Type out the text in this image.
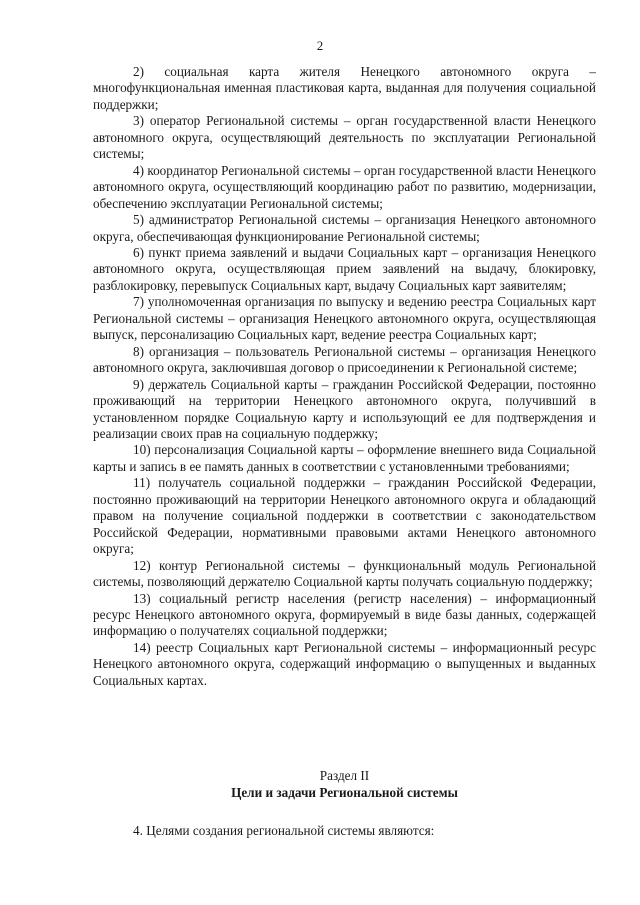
2

2) социальная карта жителя Ненецкого автономного округа – многофункциональная именная пластиковая карта, выданная для получения социальной поддержки;

3) оператор Региональной системы – орган государственной власти Ненецкого автономного округа, осуществляющий деятельность по эксплуатации Региональной системы;

4) координатор Региональной системы – орган государственной власти Ненецкого автономного округа, осуществляющий координацию работ по развитию, модернизации, обеспечению эксплуатации Региональной системы;

5) администратор Региональной системы – организация Ненецкого автономного округа, обеспечивающая функционирование Региональной системы;

6) пункт приема заявлений и выдачи Социальных карт – организация Ненецкого автономного округа, осуществляющая прием заявлений на выдачу, блокировку, разблокировку, перевыпуск Социальных карт, выдачу Социальных карт заявителям;

7) уполномоченная организация по выпуску и ведению реестра Социальных карт Региональной системы – организация Ненецкого автономного округа, осуществляющая выпуск, персонализацию Социальных карт, ведение реестра Социальных карт;

8) организация – пользователь Региональной системы – организация Ненецкого автономного округа, заключившая договор о присоединении к Региональной системе;

9) держатель Социальной карты – гражданин Российской Федерации, постоянно проживающий на территории Ненецкого автономного округа, получивший в установленном порядке Социальную карту и использующий ее для подтверждения и реализации своих прав на социальную поддержку;

10) персонализация Социальной карты – оформление внешнего вида Социальной карты и запись в ее память данных в соответствии с установленными требованиями;

11) получатель социальной поддержки – гражданин Российской Федерации, постоянно проживающий на территории Ненецкого автономного округа и обладающий правом на получение социальной поддержки в соответствии с законодательством Российской Федерации, нормативными правовыми актами Ненецкого автономного округа;

12) контур Региональной системы – функциональный модуль Региональной системы, позволяющий держателю Социальной карты получать социальную поддержку;

13) социальный регистр населения (регистр населения) – информационный ресурс Ненецкого автономного округа, формируемый в виде базы данных, содержащей информацию о получателях социальной поддержки;

14) реестр Социальных карт Региональной системы – информационный ресурс Ненецкого автономного округа, содержащий информацию о выпущенных и выданных Социальных картах.

Раздел II

Цели и задачи Региональной системы

4. Целями создания региональной системы являются:
